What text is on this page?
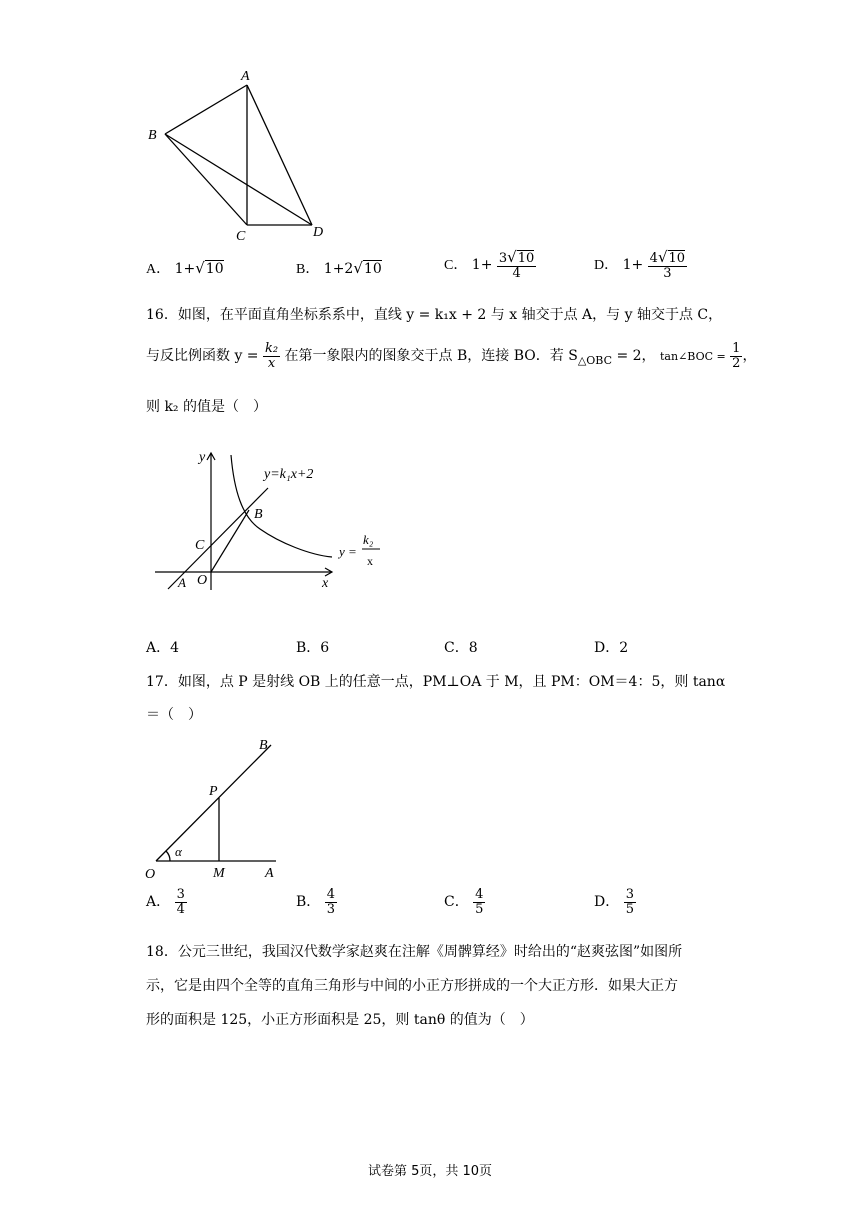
A
B
C	D
A． 1+√10	B． 1+2√10	C． $1+ \frac{3√10}{4}$	D． $1+ \frac{4√10}{3}$
16．如图，在平面直角坐标系系中，直线 y = k₁x + 2 与 x 轴交于点 A，与 y 轴交于点 C，
与反比例函数 $y = \frac{\text{k₂}}{x}$ 在第一象限内的图象交于点 B，连接 BO．若 $S_{\triangle OBC} = 2$， tan∠BOC = $\frac{1}{2}$ ，
则 k₂ 的值是（　）
y
x
O
A
C
B
y=k₁x+2
y =
k₂
x
A．4	B．6	C．8	D．2
17．如图，点 P 是射线 OB 上的任意一点，PM⊥OA 于 M，且 PM：OM＝4：5，则 tanα
＝（　）
B
P
α
O	M	A
A． $\frac{3}{4}$	B． $\frac{4}{3}$	C． $\frac{4}{5}$	D． $\frac{3}{5}$
18．公元三世纪，我国汉代数学家赵爽在注解《周髀算经》时给出的“赵爽弦图”如图所
示，它是由四个全等的直角三角形与中间的小正方形拼成的一个大正方形．如果大正方
形的面积是 125，小正方形面积是 25，则 tanθ 的值为（　）
试卷第 5页，共 10页
